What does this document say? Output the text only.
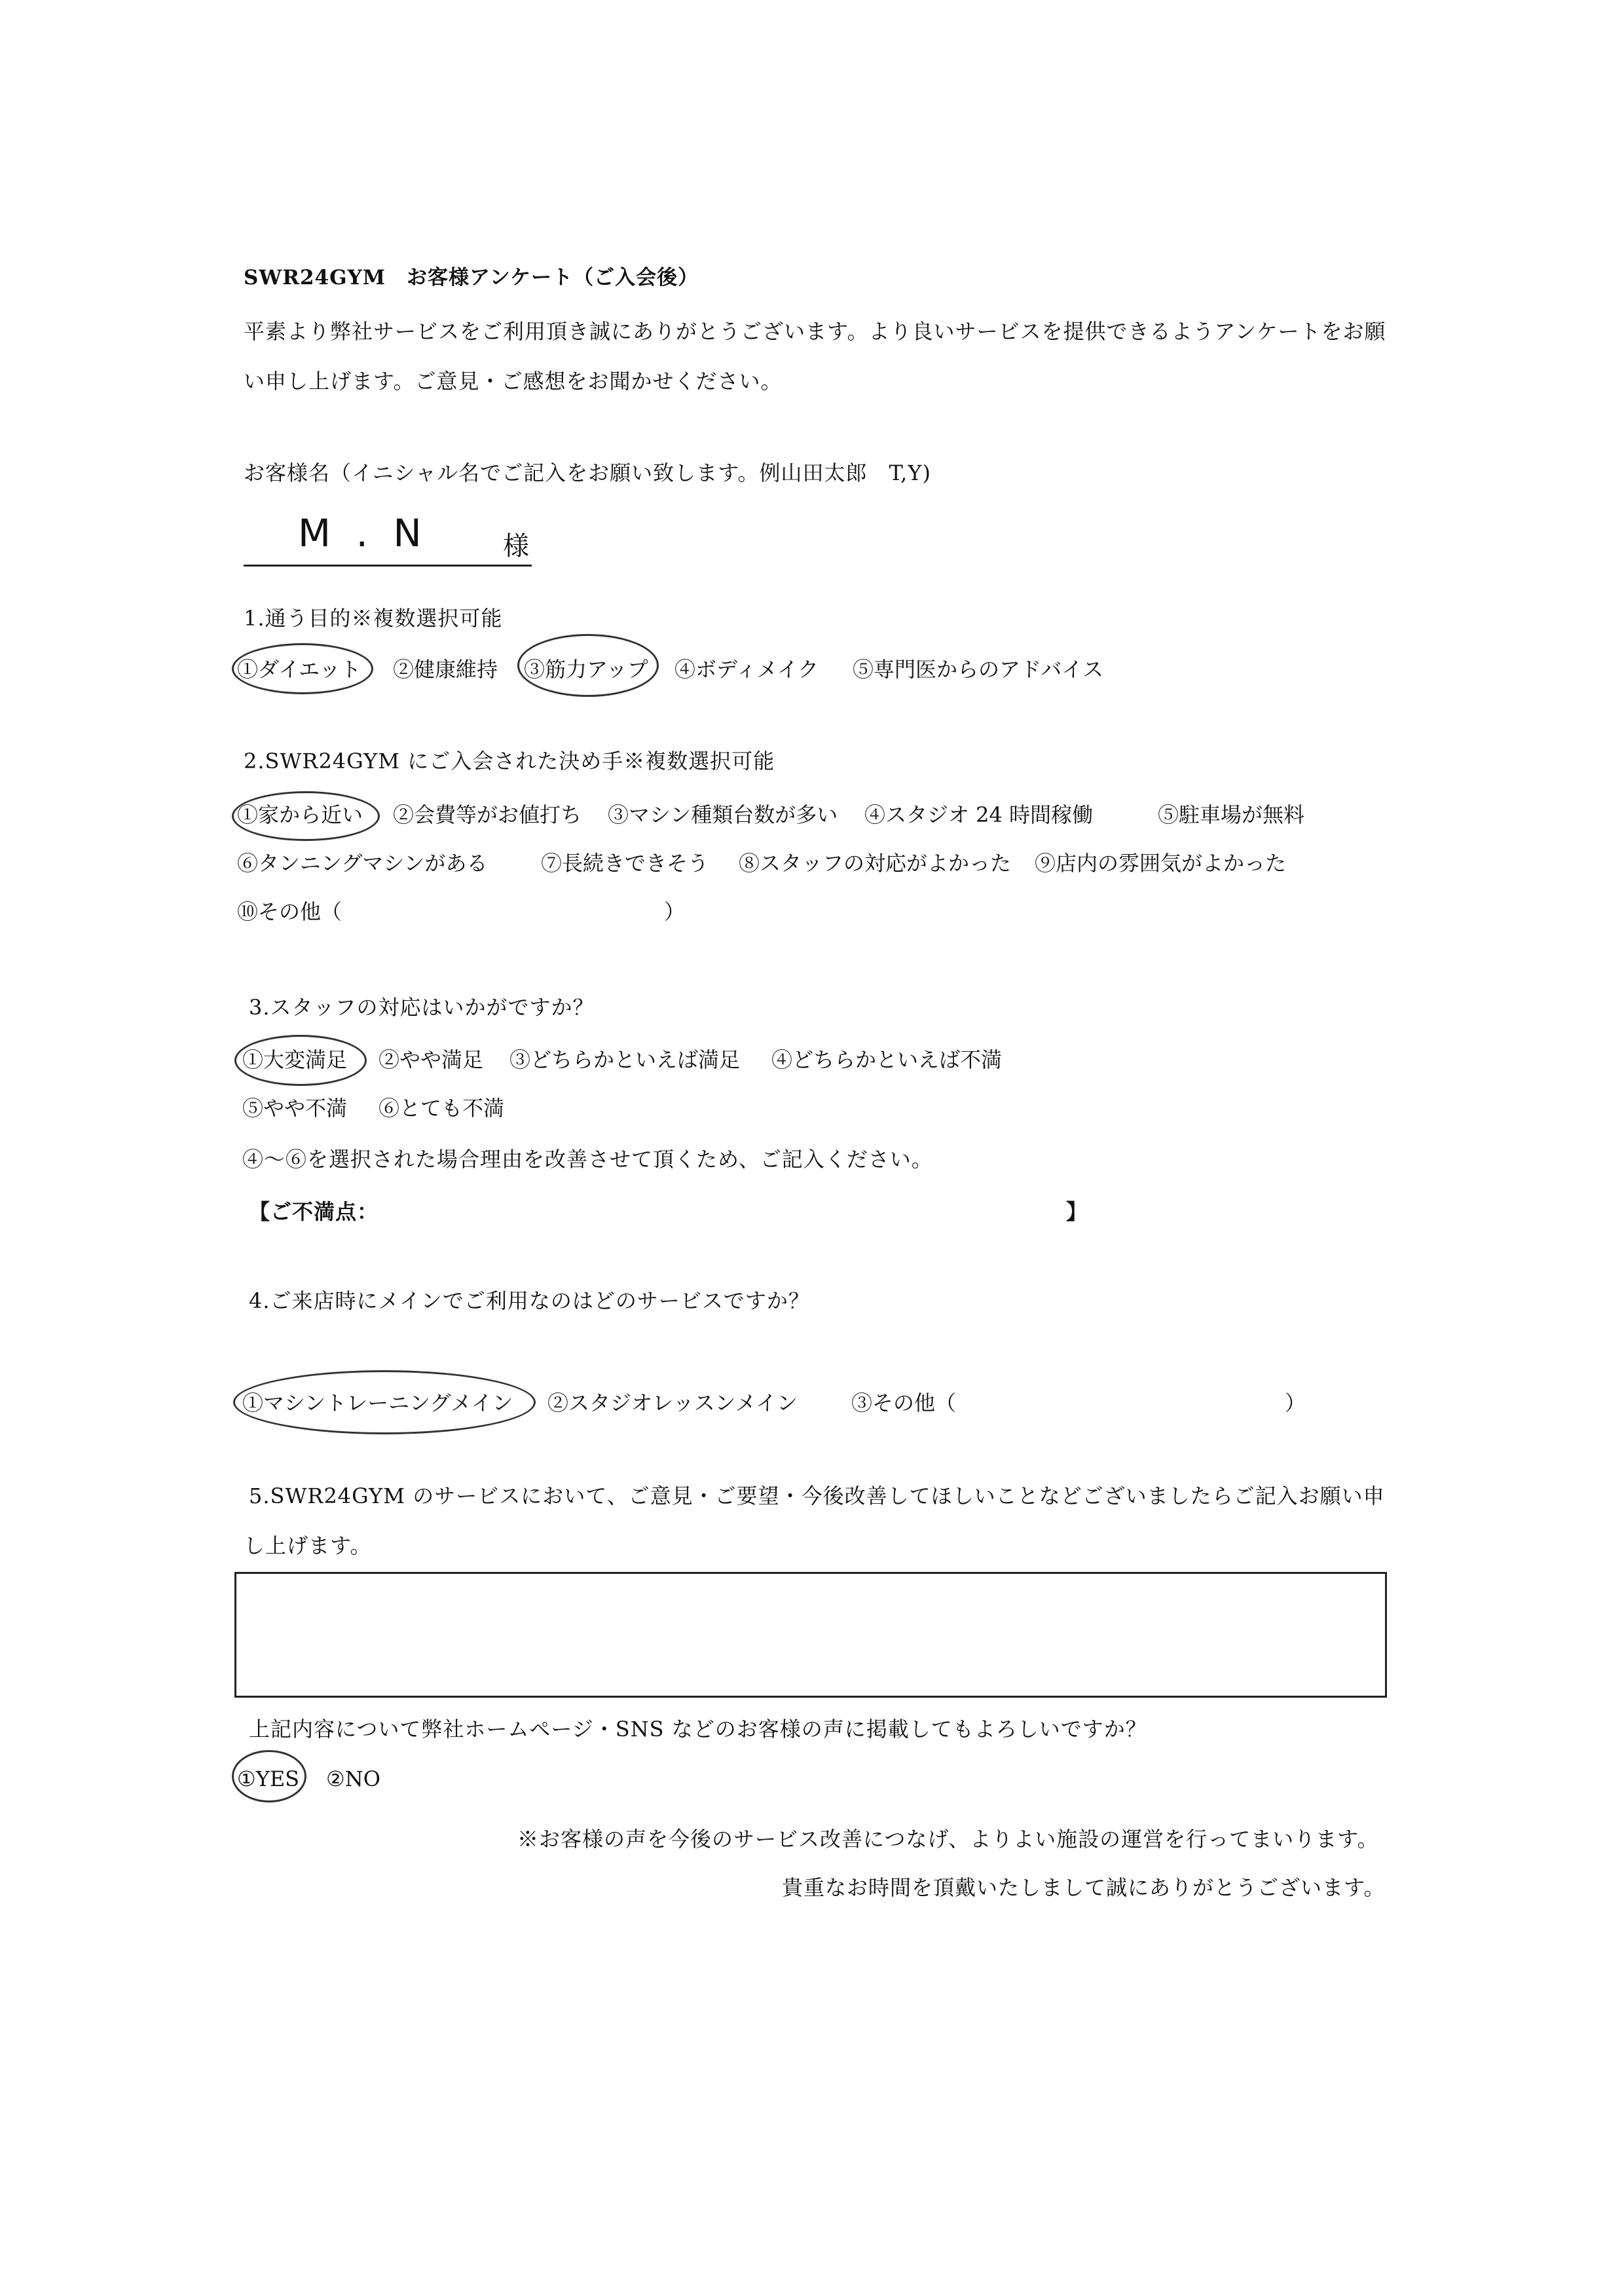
SWR24GYM　お客様アンケート（ご入会後）
平素より弊社サービスをご利用頂き誠にありがとうございます。より良いサービスを提供できるようアンケートをお願
い申し上げます。ご意見・ご感想をお聞かせください。
お客様名（イニシャル名でご記入をお願い致します。例山田太郎　T,Y)
M . N	様
1.通う目的※複数選択可能
①ダイエット ②健康維持 ③筋力アップ ④ボディメイク ⑤専門医からのアドバイス
2.SWR24GYM にご入会された決め手※複数選択可能
①家から近い ②会費等がお値打ち ③マシン種類台数が多い ④スタジオ 24 時間稼働	⑤駐車場が無料
⑥タンニングマシンがある	⑦長続きできそう ⑧スタッフの対応がよかった ⑨店内の雰囲気がよかった
⑩その他（	）
3.スタッフの対応はいかがですか？
①大変満足 ②やや満足 ③どちらかといえば満足 ④どちらかといえば不満
⑤やや不満 ⑥とても不満
④～⑥を選択された場合理由を改善させて頂くため、ご記入ください。
【ご不満点：	】
4.ご来店時にメインでご利用なのはどのサービスですか？
①マシントレーニングメイン ②スタジオレッスンメイン	③その他（	）
5.SWR24GYM のサービスにおいて、ご意見・ご要望・今後改善してほしいことなどございましたらご記入お願い申
し上げます。
上記内容について弊社ホームページ・SNS などのお客様の声に掲載してもよろしいですか？
①YES ②NO
※お客様の声を今後のサービス改善につなげ、よりよい施設の運営を行ってまいります。
貴重なお時間を頂戴いたしまして誠にありがとうございます。
